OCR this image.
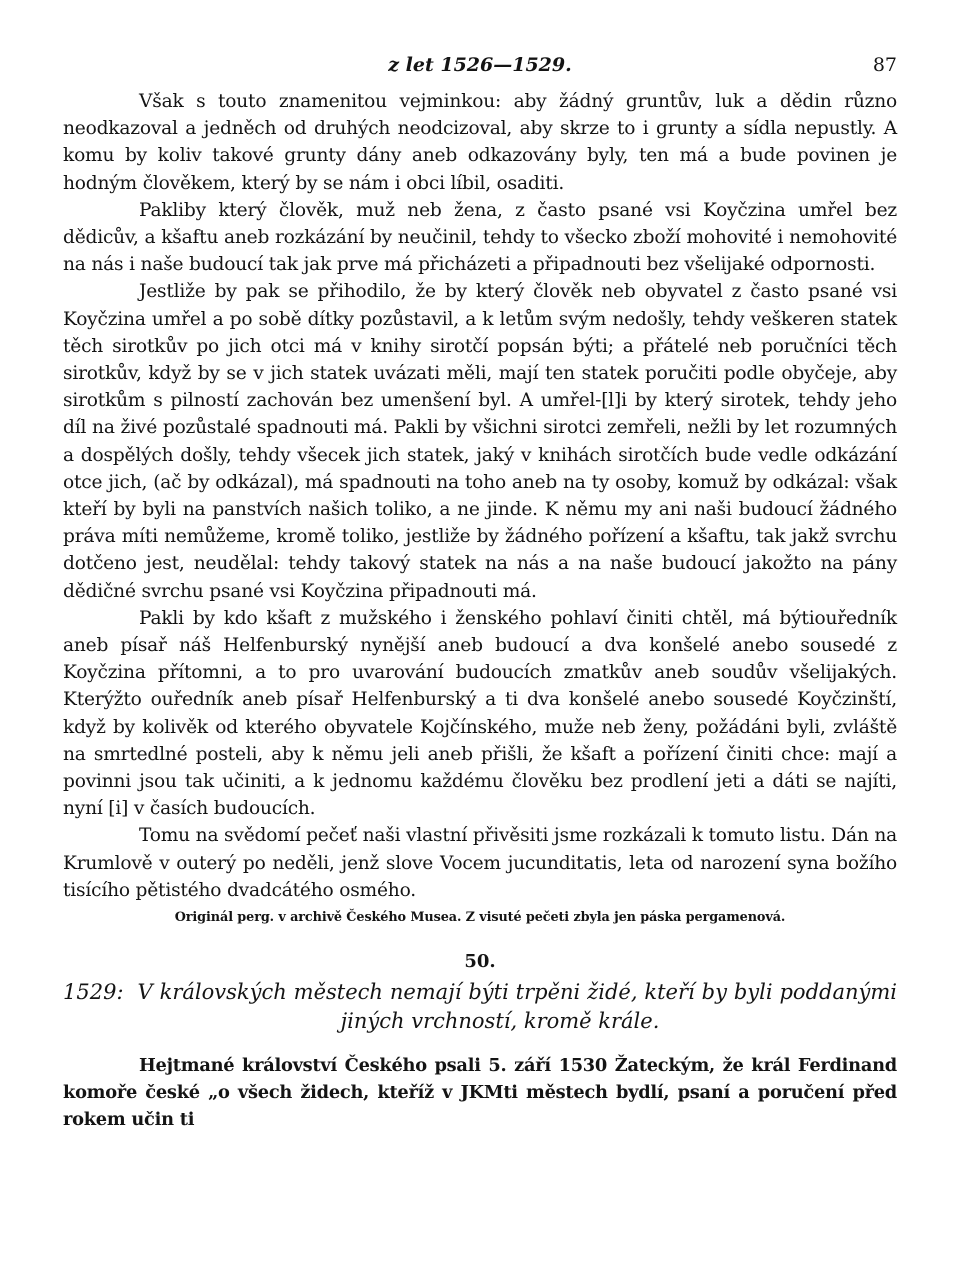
z let 1526—1529.	87

Však s touto znamenitou vejminkou: aby žádný gruntův, luk a dědin různo neodkazoval a jedněch od druhých neodcizoval, aby skrze to i grunty a sídla nepustly. A komu by koliv takové grunty dány aneb odkazovány byly, ten má a bude povinen je hodným člověkem, který by se nám i obci líbil, osaditi.

Pakliby který člověk, muž neb žena, z často psané vsi Koyčzina umřel bez dědicův, a kšaftu aneb rozkázání by neučinil, tehdy to všecko zboží mohovité i nemohovité na nás i naše budoucí tak jak prve má přicházeti a připadnouti bez všelijaké odpornosti.

Jestliže by pak se přihodilo, že by který člověk neb obyvatel z často psané vsi Koyčzina umřel a po sobě dítky pozůstavil, a k letům svým nedošly, tehdy veškeren statek těch sirotkův po jich otci má v knihy sirotčí popsán býti; a přátelé neb poručníci těch sirotkův, když by se v jich statek uvázati měli, mají ten statek poručiti podle obyčeje, aby sirotkům s pilností zachován bez umenšení byl. A umřel-[l]i by který sirotek, tehdy jeho díl na živé pozůstalé spadnouti má. Pakli by všichni sirotci zemřeli, nežli by let rozumných a dospělých došly, tehdy všecek jich statek, jaký v knihách sirotčích bude vedle odkázání otce jich, (ač by odkázal), má spadnouti na toho aneb na ty osoby, komuž by odkázal: však kteří by byli na panstvích našich toliko, a ne jinde. K němu my ani naši budoucí žádného práva míti nemůžeme, kromě toliko, jestliže by žádného pořízení a kšaftu, tak jakž svrchu dotčeno jest, neudělal: tehdy takový statek na nás a na naše budoucí jakožto na pány dědičné svrchu psané vsi Koyčzina připadnouti má.

Pakli by kdo kšaft z mužského i ženského pohlaví činiti chtěl, má býtiouředník aneb písař náš Helfenburský nynější aneb budoucí a dva konšelé anebo sousedé z Koyčzina přítomni, a to pro uvarování budoucích zmatkův aneb soudův všelijakých. Kterýžto ouředník aneb písař Helfenburský a ti dva konšelé anebo sousedé Koyčzinští, když by kolivěk od kterého obyvatele Kojčínského, muže neb ženy, požádáni byli, zvláště na smrtedlné posteli, aby k němu jeli aneb přišli, že kšaft a pořízení činiti chce: mají a povinni jsou tak učiniti, a k jednomu každému člověku bez prodlení jeti a dáti se najíti, nyní [i] v časích budoucích.

Tomu na svědomí pečeť naši vlastní přivěsiti jsme rozkázali k tomuto listu. Dán na Krumlově v outerý po neděli, jenž slove Vocem jucunditatis, leta od narození syna božího tisícího pětistého dvadcátého osmého.

Originál perg. v archivě Českého Musea. Z visuté pečeti zbyla jen páska pergamenová.
50.
1529: V královských městech nemají býti trpěni židé, kteří by byli poddanými
jiných vrchností, kromě krále.

Hejtmané království Českého psali 5. září 1530 Žateckým, že král Ferdinand komoře české „o všech židech, kteříž v JKMti městech bydlí, psaní a poručení před rokem učin ti
